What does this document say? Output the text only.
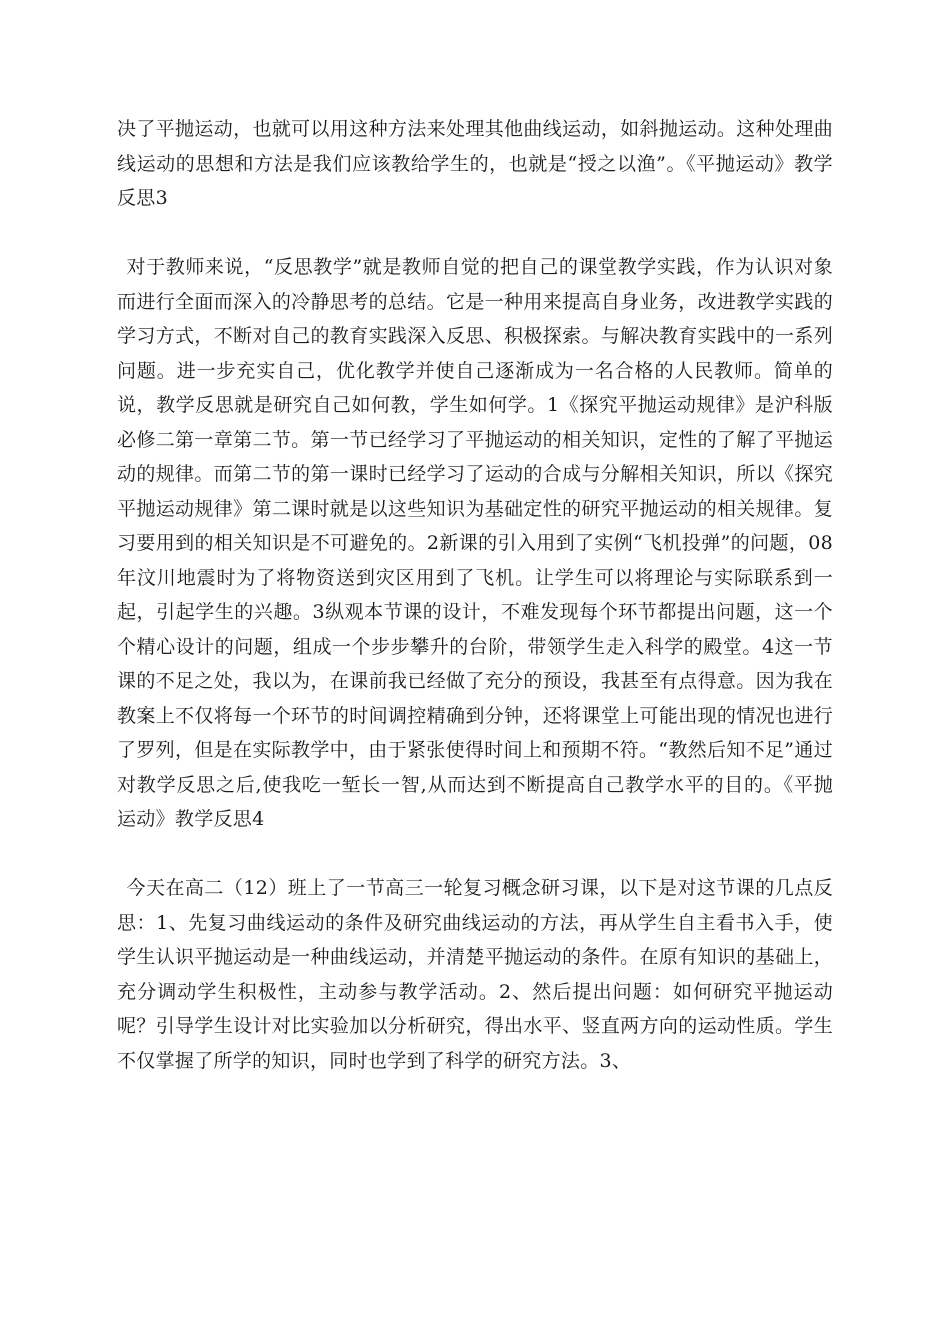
决了平抛运动，也就可以用这种方法来处理其他曲线运动，如斜抛运动。这种处理曲线运动的思想和方法是我们应该教给学生的，也就是“授之以渔”。《平抛运动》教学反思3

对于教师来说，“反思教学”就是教师自觉的把自己的课堂教学实践，作为认识对象而进行全面而深入的冷静思考的总结。它是一种用来提高自身业务，改进教学实践的学习方式，不断对自己的教育实践深入反思、积极探索。与解决教育实践中的一系列问题。进一步充实自己，优化教学并使自己逐渐成为一名合格的人民教师。简单的说，教学反思就是研究自己如何教，学生如何学。1《探究平抛运动规律》是沪科版必修二第一章第二节。第一节已经学习了平抛运动的相关知识，定性的了解了平抛运动的规律。而第二节的第一课时已经学习了运动的合成与分解相关知识，所以《探究平抛运动规律》第二课时就是以这些知识为基础定性的研究平抛运动的相关规律。复习要用到的相关知识是不可避免的。2新课的引入用到了实例“飞机投弹”的问题，08年汶川地震时为了将物资送到灾区用到了飞机。让学生可以将理论与实际联系到一起，引起学生的兴趣。3纵观本节课的设计，不难发现每个环节都提出问题，这一个个精心设计的问题，组成一个步步攀升的台阶，带领学生走入科学的殿堂。4这一节课的不足之处，我以为，在课前我已经做了充分的预设，我甚至有点得意。因为我在教案上不仅将每一个环节的时间调控精确到分钟，还将课堂上可能出现的情况也进行了罗列，但是在实际教学中，由于紧张使得时间上和预期不符。“教然后知不足”通过对教学反思之后,使我吃一堑长一智,从而达到不断提高自己教学水平的目的。《平抛运动》教学反思4

今天在高二（12）班上了一节高三一轮复习概念研习课，以下是对这节课的几点反思：1、先复习曲线运动的条件及研究曲线运动的方法，再从学生自主看书入手，使学生认识平抛运动是一种曲线运动，并清楚平抛运动的条件。在原有知识的基础上，充分调动学生积极性，主动参与教学活动。2、然后提出问题：如何研究平抛运动呢？引导学生设计对比实验加以分析研究，得出水平、竖直两方向的运动性质。学生不仅掌握了所学的知识，同时也学到了科学的研究方法。3、
